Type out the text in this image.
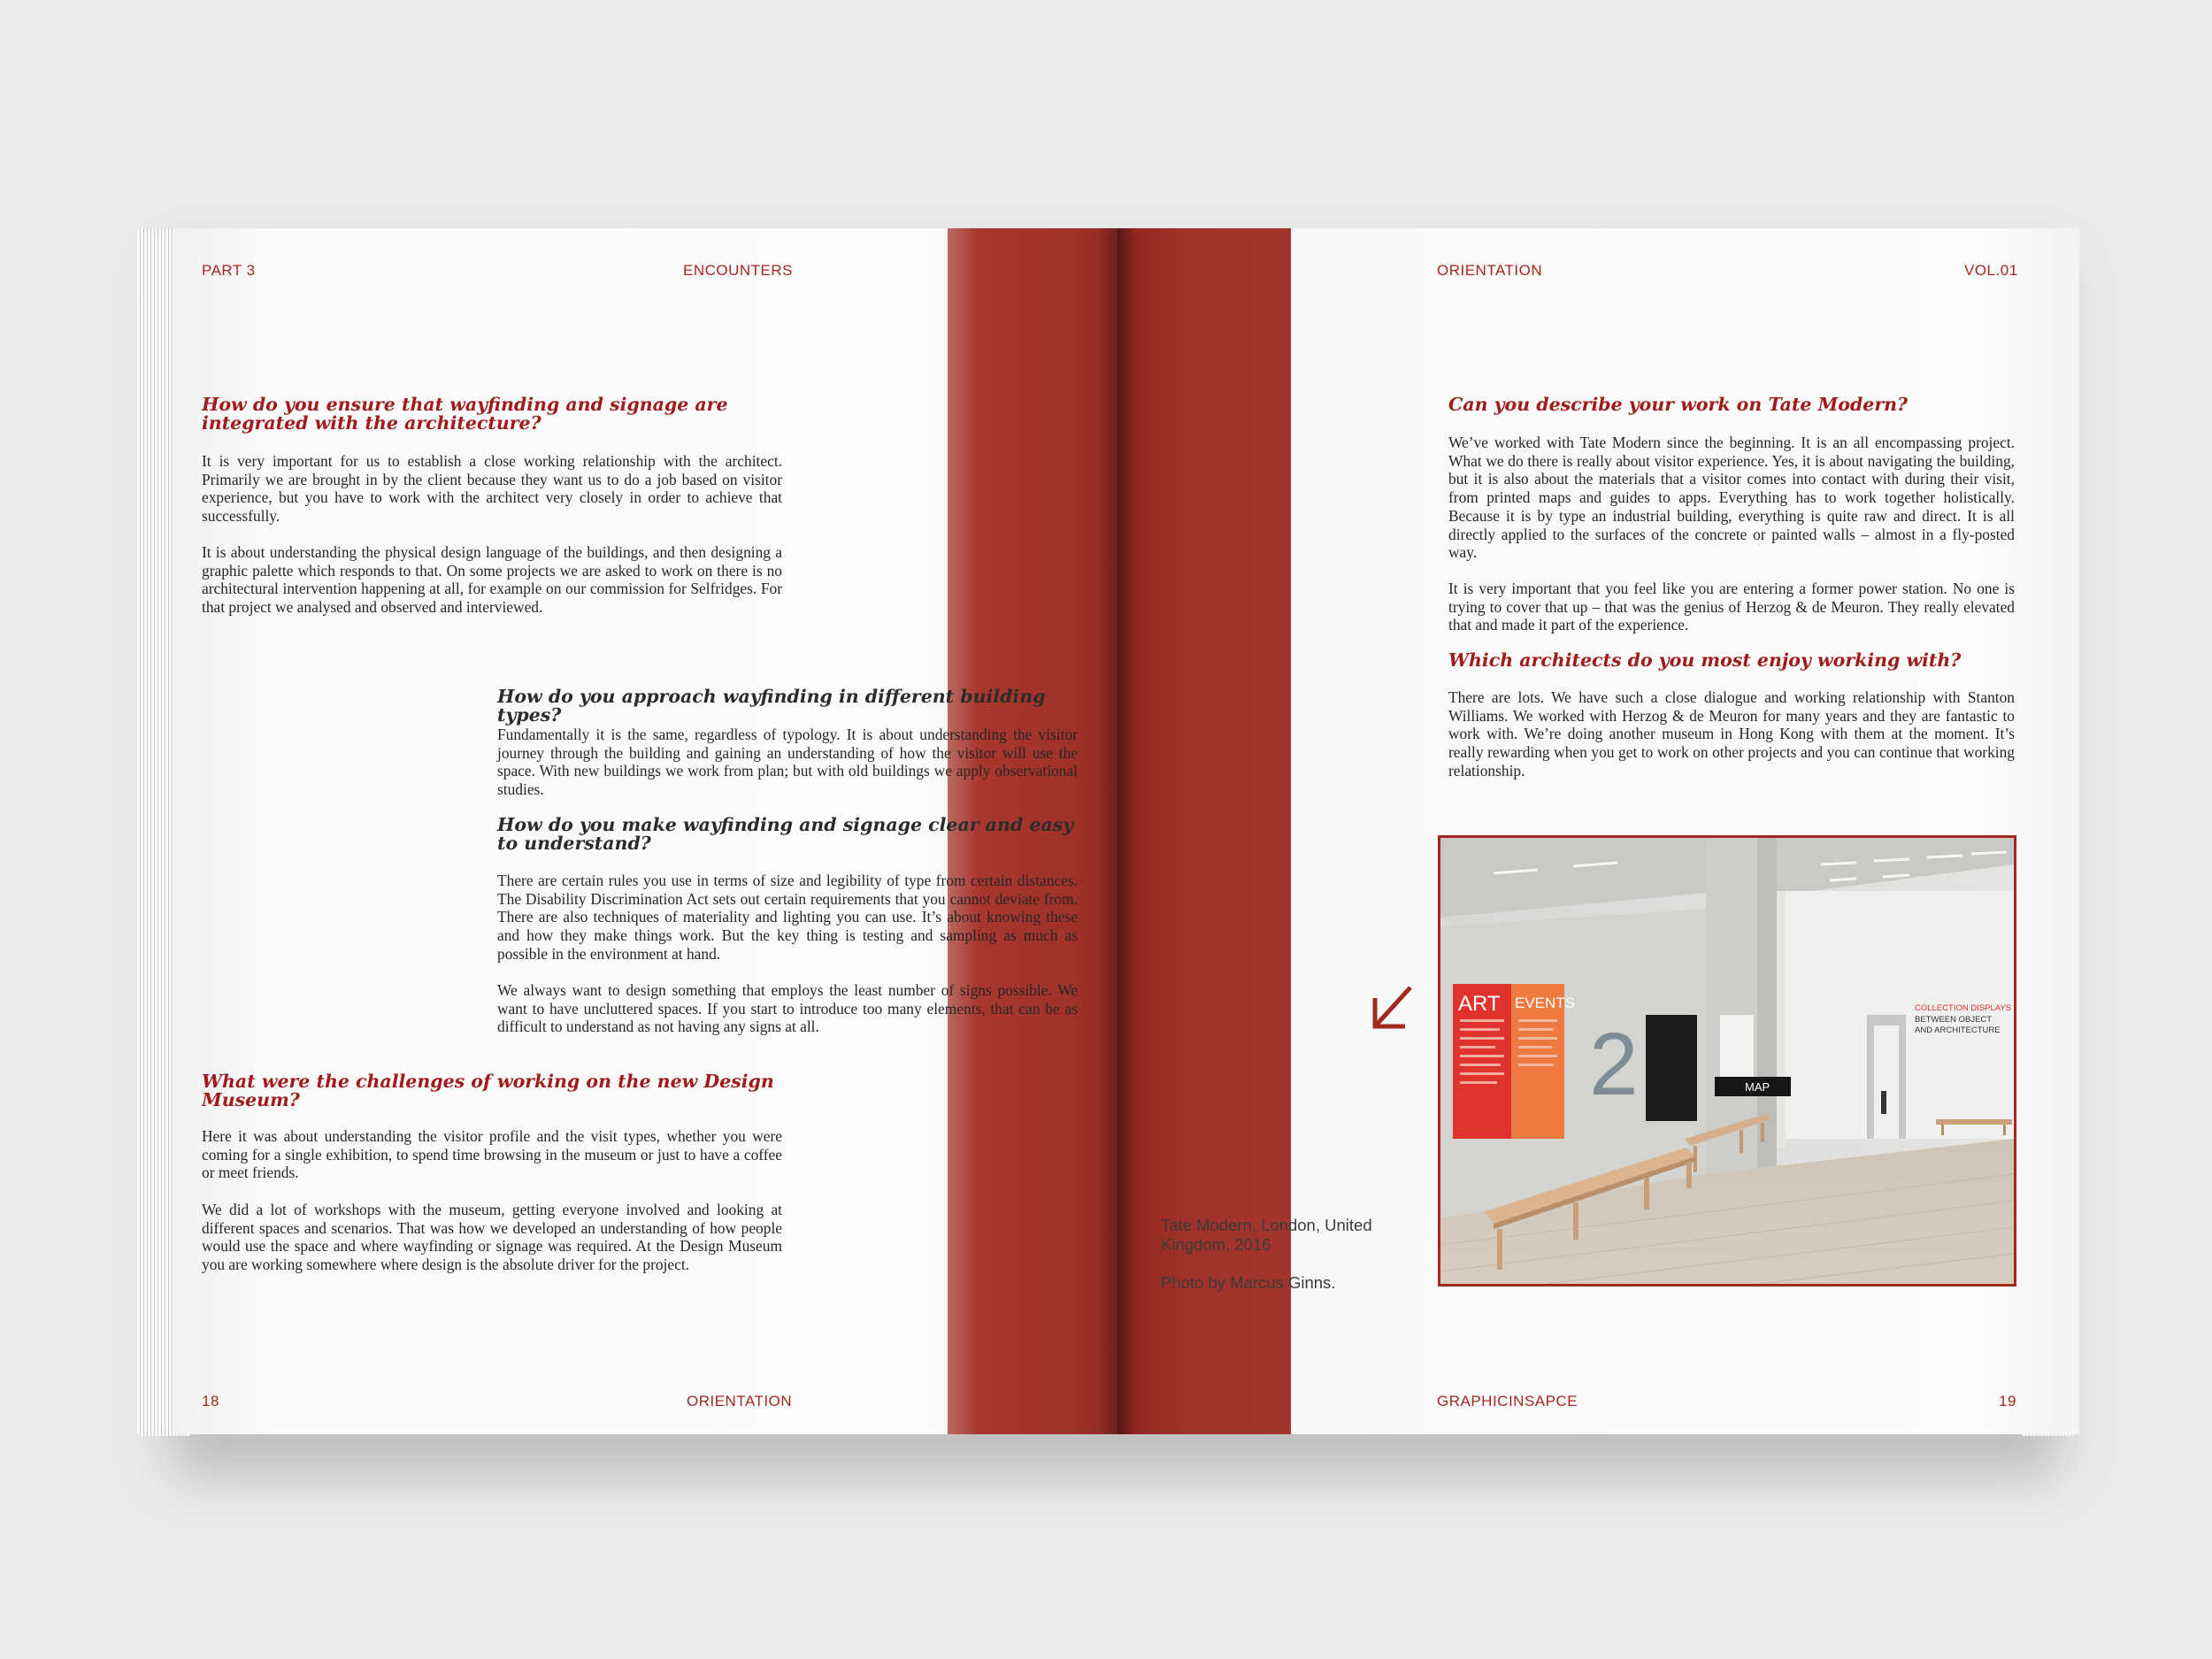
PART 3	ENCOUNTERS
18	ORIENTATION
How do you ensure that wayfinding and signage are integrated with the architecture?

It is very important for us to establish a close working relationship with the architect. Primarily we are brought in by the client because they want us to do a job based on visitor experience, but you have to work with the architect very closely in order to achieve that successfully.

It is about understanding the physical design language of the buildings, and then designing a graphic palette which responds to that. On some projects we are asked to work on there is no architectural intervention happening at all, for example on our commission for Selfridges. For that project we analysed and observed and interviewed.

How do you approach wayfinding in different building types?

Fundamentally it is the same, regardless of typology. It is about understanding the visitor journey through the building and gaining an understanding of how the visitor will use the space. With new buildings we work from plan; but with old buildings we apply observational studies.

How do you make wayfinding and signage clear and easy to understand?

There are certain rules you use in terms of size and legibility of type from certain distances. The Disability Discrimination Act sets out certain requirements that you cannot deviate from. There are also techniques of materiality and lighting you can use. It’s about knowing these and how they make things work. But the key thing is testing and sampling as much as possible in the environment at hand.

We always want to design something that employs the least number of signs possible. We want to have uncluttered spaces. If you start to introduce too many elements, that can be as difficult to understand as not having any signs at all.

What were the challenges of working on the new Design Museum?

Here it was about understanding the visitor profile and the visit types, whether you were coming for a single exhibition, to spend time browsing in the museum or just to have a coffee or meet friends.

We did a lot of workshops with the museum, getting everyone involved and looking at different spaces and scenarios. That was how we developed an understanding of how people would use the space and where wayfinding or signage was required. At the Design Museum you are working somewhere where design is the absolute driver for the project.

ORIENTATION	VOL.01
GRAPHICINSAPCE	19
Can you describe your work on Tate Modern?

We’ve worked with Tate Modern since the beginning. It is an all encompassing project. What we do there is really about visitor experience. Yes, it is about navigating the building, but it is also about the materials that a visitor comes into contact with during their visit, from printed maps and guides to apps. Everything has to work together holistically. Because it is by type an industrial building, everything is quite raw and direct. It is all directly applied to the surfaces of the concrete or painted walls – almost in a fly-posted way.

It is very important that you feel like you are entering a former power station. No one is trying to cover that up – that was the genius of Herzog & de Meuron. They really elevated that and made it part of the experience.

Which architects do you most enjoy working with?

There are lots. We have such a close dialogue and working relationship with Stanton Williams. We worked with Herzog & de Meuron for many years and they are fantastic to work with. We’re doing another museum in Hong Kong with them at the moment. It’s really rewarding when you get to work on other projects and you can continue that working relationship.

Tate Modern, London, United Kingdom, 2016

Photo by Marcus Ginns.

ART EVENTS
2	MAP
COLLECTION DISPLAYS
BETWEEN OBJECT
AND ARCHITECTURE
